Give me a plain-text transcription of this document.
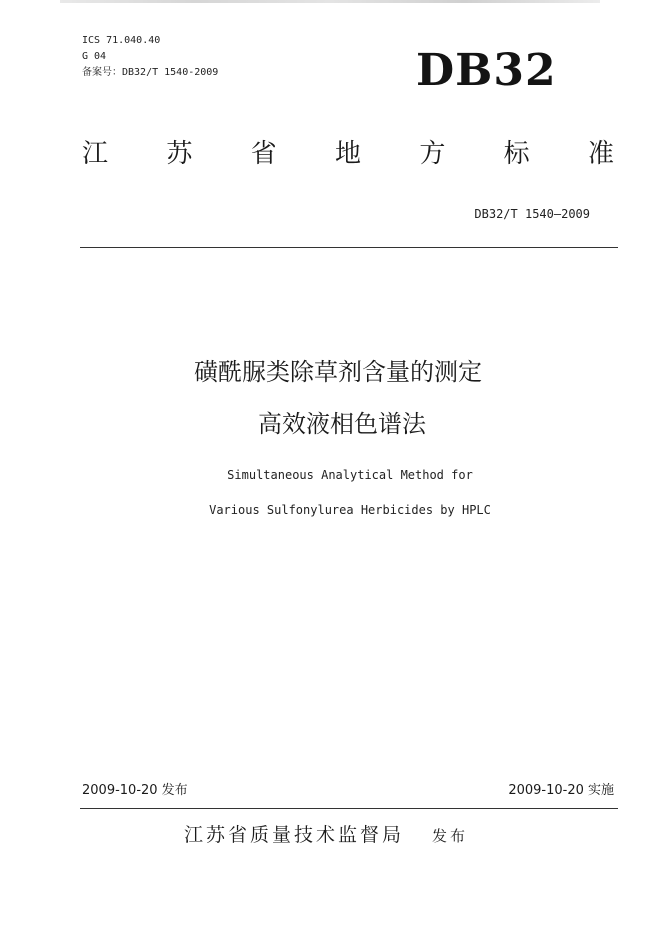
ICS 71.040.40
G 04
备案号：DB32/T 1540-2009	DB32
江 苏 省 地 方 标 准
DB32/T 1540—2009
磺酰脲类除草剂含量的测定
高效液相色谱法
Simultaneous Analytical Method for
Various Sulfonylurea Herbicides by HPLC
2009-10-20 发布	2009-10-20 实施
江苏省质量技术监督局 发布
